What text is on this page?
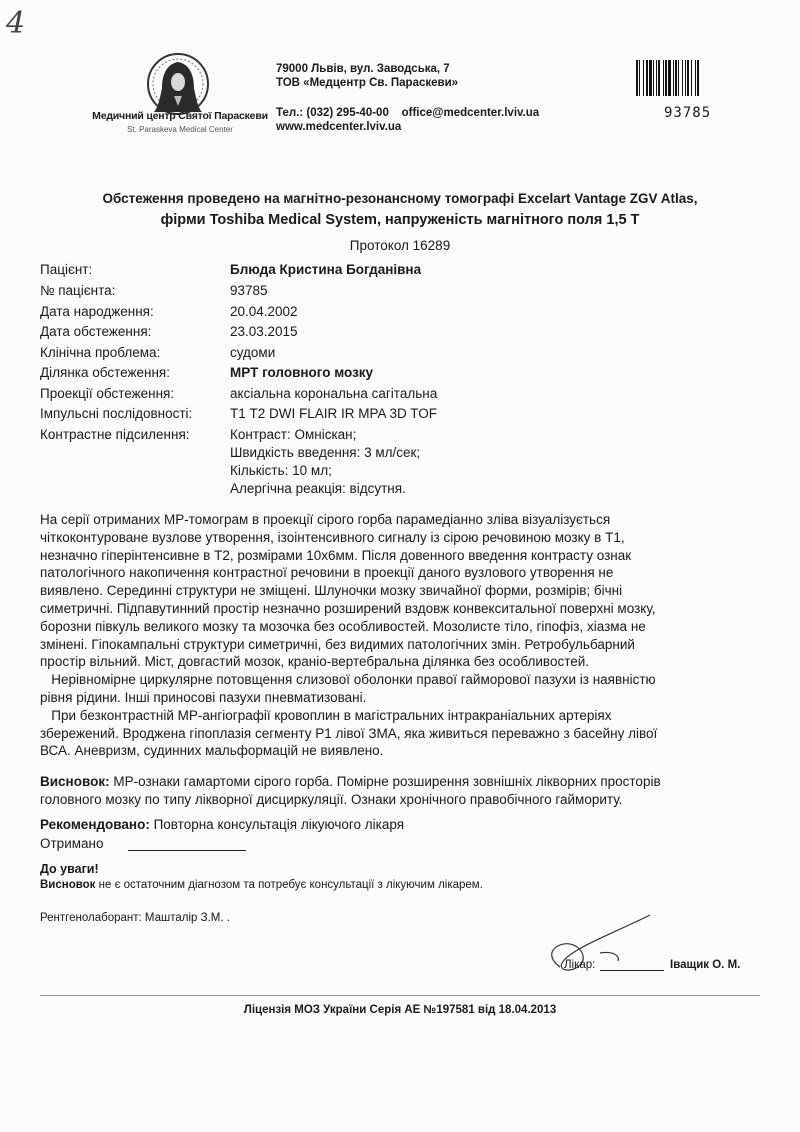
4
Медичний центр Святої Параскеви
St. Paraskeva Medical Center
79000 Львів, вул. Заводська, 7
ТОВ «Медцентр Св. Параскеви»
Тел.: (032) 295-40-00 office@medcenter.lviv.ua
www.medcenter.lviv.ua
93785
Обстеження проведено на магнітно-резонансному томографі Excelart Vantage ZGV Atlas,
фірми Toshiba Medical System, напруженість магнітного поля 1,5 Т
Протокол 16289
Пацієнт:	Блюда Кристина Богданівна
№ пацієнта:	93785
Дата народження:	20.04.2002
Дата обстеження:	23.03.2015
Клінічна проблема:	судоми
Ділянка обстеження:	МРТ головного мозку
Проекції обстеження:	аксіальна корональна сагітальна
Імпульсні послідовності:	Т1 Т2 DWI FLAIR IR MPA 3D TOF
Контрастне підсилення:	Контраст: Омніскан;
Швидкість введення: 3 мл/сек;
Кількість: 10 мл;
Алергічна реакція: відсутня.

На серії отриманих МР-томограм в проекції сірого горба парамедіанно зліва візуалізується

чіткоконтуроване вузлове утворення, ізоінтенсивного сигналу із сірою речовиною мозку в Т1,

незначно гіперінтенсивне в Т2, розмірами 10х6мм. Після довенного введення контрасту ознак

патологічного накопичення контрастної речовини в проекції даного вузлового утворення не

виявлено. Серединні структури не зміщені. Шлуночки мозку звичайної форми, розмірів; бічні

симетричні. Підпавутинний простір незначно розширений вздовж конвекситальної поверхні мозку,

борозни півкуль великого мозку та мозочка без особливостей. Мозолисте тіло, гіпофіз, хіазма не

змінені. Гіпокампальні структури симетричні, без видимих патологічних змін. Ретробульбарний

простір вільний. Міст, довгастий мозок, краніо-вертебральна ділянка без особливостей.

Нерівномірне циркулярне потовщення слизової оболонки правої гайморової пазухи із наявністю

рівня рідини. Інші приносові пазухи пневматизовані.

При безконтрастній МР-ангіографії кровоплин в магістральних інтракраніальних артеріях

збережений. Вроджена гіпоплазія сегменту Р1 лівої ЗМА, яка живиться переважно з басейну лівої

ВСА. Аневризм, судинних мальформацій не виявлено.

Висновок: МР-ознаки гамартоми сірого горба. Помірне розширення зовнішніх ліквoрних просторів
головного мозку по типу ліквoрної дисциркуляції. Ознаки хронічного правобічного гаймориту.
Рекомендовано: Повторна консультація лікуючого лікаря
Отримано
До уваги!
Висновок не є остаточним діагнозом та потребує консультації з лікуючим лікарем.
Рентгенолаборант: Машталір З.М. .
Лікар:	Іващик О. М.
Ліцензія МОЗ України Серія АЕ №197581 від 18.04.2013
